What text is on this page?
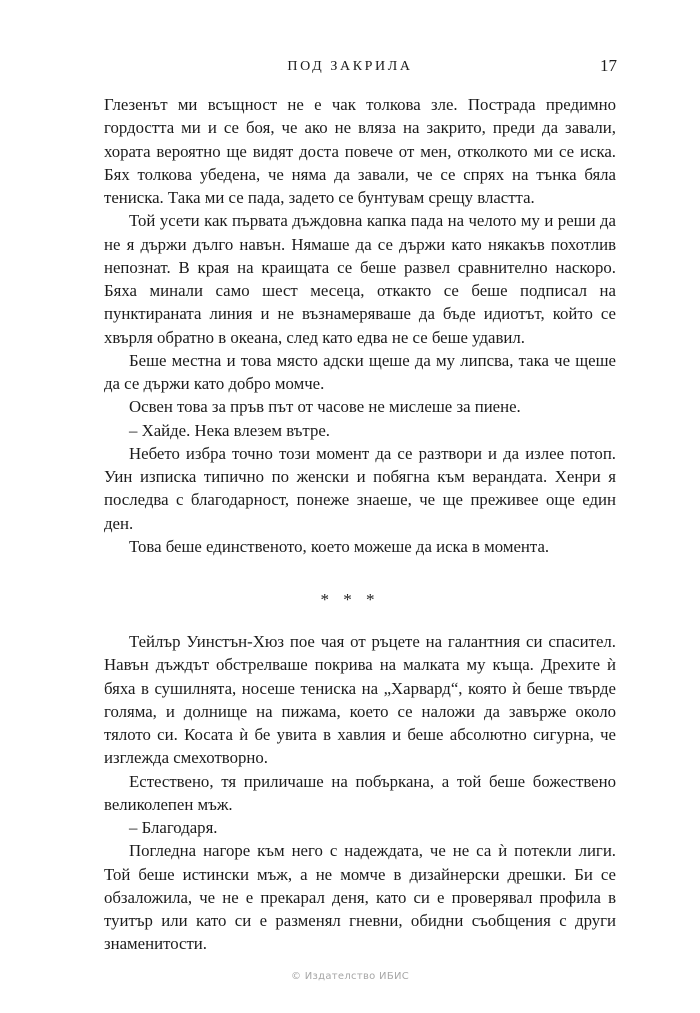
ПОД ЗАКРИЛА	17

Глезенът ми всъщност не е чак толкова зле. Пострада предимно гордостта ми и се боя, че ако не вляза на закрито, преди да завали, хората вероятно ще видят доста повече от мен, отколкото ми се иска. Бях толкова убедена, че няма да завали, че се спрях на тънка бяла тениска. Така ми се пада, задето се бунтувам срещу властта.

Той усети как първата дъждовна капка пада на челото му и реши да не я държи дълго навън. Нямаше да се държи като някакъв похотлив непознат. В края на краищата се беше развел сравнително наскоро. Бяха минали само шест месеца, откакто се беше подписал на пунктираната линия и не възнамеряваше да бъде идиотът, който се хвърля обратно в океана, след като едва не се беше удавил.

Беше местна и това място адски щеше да му липсва, така че щеше да се държи като добро момче.

Освен това за пръв път от часове не мислеше за пиене.

– Хайде. Нека влезем вътре.

Небето избра точно този момент да се разтвори и да излее потоп. Уин изписка типично по женски и побягна към верандата. Хенри я последва с благодарност, понеже знаеше, че ще преживее още един ден.

Това беше единственото, което можеше да иска в момента.

* * *

Тейлър Уинстън-Хюз пое чая от ръцете на галантния си спасител. Навън дъждът обстрелваше покрива на малката му къща. Дрехите ѝ бяха в сушилнята, носеше тениска на „Харвард“, която ѝ беше твърде голяма, и долнище на пижама, което се наложи да завърже около тялото си. Косата ѝ бе увита в хавлия и беше абсолютно сигурна, че изглежда смехотворно.

Естествено, тя приличаше на побъркана, а той беше божествено великолепен мъж.

– Благодаря.

Погледна нагоре към него с надеждата, че не са ѝ потекли лиги. Той беше истински мъж, а не момче в дизайнерски дрешки. Би се обзаложила, че не е прекарал деня, като си е проверявал профила в туитър или като си е разменял гневни, обидни съобщения с други знаменитости.

© Издателство ИБИС
